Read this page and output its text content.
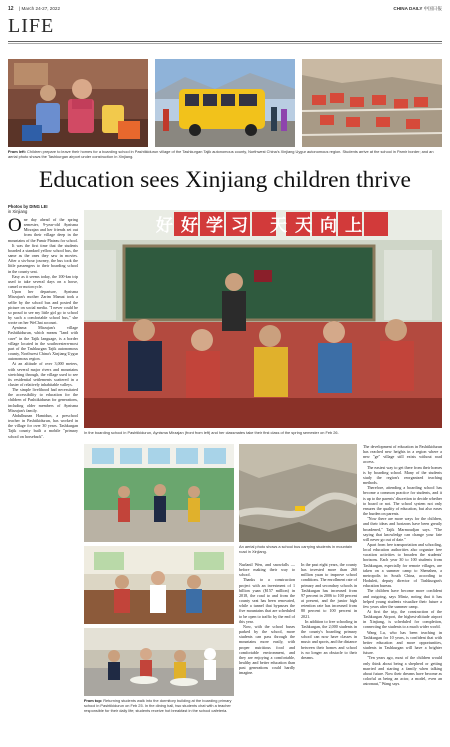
12 | March 24-27, 2022	CHINA DAILY 中国日报
LIFE
From left: Children prepare to leave their homes for a boarding school in Pashtikidurun village of the Tashkurgan Tajik autonomous county, Northwest China's Xinjiang Uygur autonomous region. Students arrive at the school in Pamir border; and an aerial photo shows the Tashkurgan airport under construction in Xinjiang.
Education sees Xinjiang children thrive
Photos by DING LEI
in Xinjiang

One day ahead of the spring semester, 9-year-old Aynisma Mirzajan and her friends set out from their village deep in the mountains of the Pamir Plateau for school.

It was the first time that the students boarded a standard yellow school bus, the same as the ones they saw in movies. After a six-hour journey, the bus took the little passengers to their boarding school in the county seat.

Easy as it seems today, the 100-km trip used to take several days on a horse, camel or motorcycle.

Upon her departure, Aynisma Mirzajan's mother Zarim Mamat took a selfie by the school bus and posted the picture on social media. "I never could be so proud to see my little girl go to school by such a comfortable school bus," she wrote on her WeChat account.

Aynisma Mirzajan's village Pashtikidurun, which means "land with cave" in the Tajik language, is a border village located in the southwestern-most part of the Tashkurgan Tajik autonomous county, Northwest China's Xinjiang Uygur autonomous region.

At an altitude of over 3,000 meters, with several major rivers and mountains stretching through, the village used to see its residential settlements scattered in a cluster of relatively inhabitable valleys.

The simple livelihood had necessitated the accessibility to education for the children of Pashtikidurun for generations, including older members of Aynisma Mirzajan's family.

Abdulhunan Hamidun, a preschool teacher in Pashtikidurun, has worked in the village for over 30 years. Tashkurgan Tajik county built a mobile "primary school on horseback".

好好学习 天天向上
In the boarding school in Pashtikidurun, Aynisma Mirzajan (front from left) and her classmates take their first class of the spring semester on Feb 26.
From top: Returning students walk into the dormitory building at the boarding primary school in Pashtikidurun on Feb 25. In the dining hall, two students chat with a teacher responsible for their daily life; students receive hot breakfast in the school cafeteria.
An aerial photo shows a school bus carrying students in mountain road in Xinjiang.

Nurlanil Wen, and snowfalls — before making their way to school.

Thanks to a construction project with an investment of 1 billion yuan ($157 million) in 2018, the road to and from the county seat has been renovated, while a tunnel that bypasses the five mountains that are scheduled to be open to traffic by the end of this year.

Now, with the school buses parked by the school, more students can pass through the mountains more easily, with proper nutritious food and comfortable environment, and they are enjoying a comfortable, healthy and better education than past generations could hardly imagine.

In the past eight years, the county has invested more than 260 million yuan to improve school conditions. The enrollment rate of primary and secondary schools in Tashkurgan has increased from 97 percent in 2006 to 100 percent at present, and the junior high retention rate has increased from 80 percent to 100 percent in 2021.

In addition to free schooling in Tashkurgan, the 2,000 students in the county's boarding primary school can now have classes in music and sports, and the distance between their homes and school is no longer an obstacle to their dreams.

The development of education in Pashtikidurun has reached new heights in a region where a new "ge" village still exists without road access.

The easiest way to get there from their homes is by boarding school. Many of the students study the region's reorganized teaching methods.

Therefore, attending a boarding school has become a common practice for students, and it is up to the parents' discretion to decide whether to board or not. The school system not only ensures the quality of education, but also eases the burden on parents.

"Now there are more ways for the children, and their ideas and horizons have been greatly broadened," Tajik Marmoudjan says. "The saying that knowledge can change your fate will never go out of date."

Apart from free transportation and schooling, local education authorities also organize free vacation activities to broaden the students' horizons. Each year 30 to 100 students from Tashkurgan, especially for remote villages, are taken on a summer camp to Shenzhen, a metropolis in South China, according to Hoduleti, deputy director of Tashkurgan's education bureau.

The children have become more confident and outgoing, says Miniz, noting that it has helped young students visualize their future a few years after the summer camp.

At first the trip, the construction of the Tashkurgan Airport, the highest-altitude airport in Xinjiang, is scheduled for completion, connecting the students to a much wider world.

Wang Lu, who has been teaching in Tashkurgan for 10 years, is confident that with better education and more opportunities, students in Tashkurgan will have a brighter future.

"Ten years ago, most of the children would only think about being a shepherd or getting married and starting a family when talking about future. Now their dreams have become as colorful as being an actor, a model, even an astronaut," Wang says.
